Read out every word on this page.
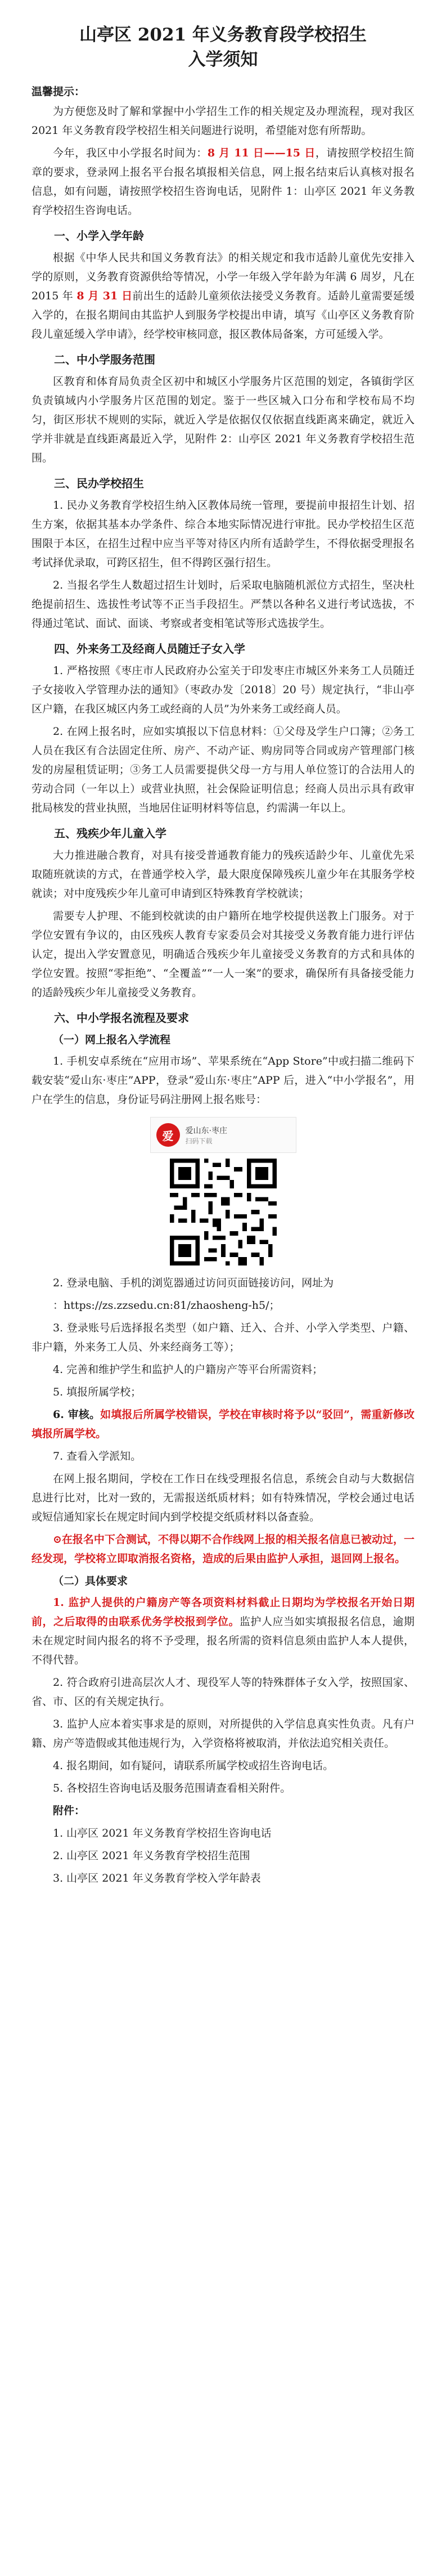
山亭区 2021 年义务教育段学校招生
入学须知
温馨提示：

为方便您及时了解和掌握中小学招生工作的相关规定及办理流程，现对我区 2021 年义务教育段学校招生相关问题进行说明，希望能对您有所帮助。

今年，我区中小学报名时间为：8 月 11 日——15 日，请按照学校招生简章的要求，登录网上报名平台报名填报相关信息，网上报名结束后认真核对报名信息，如有问题，请按照学校招生咨询电话，见附件 1：山亭区 2021 年义务教育学校招生咨询电话。

一、小学入学年龄

根据《中华人民共和国义务教育法》的相关规定和我市适龄儿童优先安排入学的原则，义务教育资源供给等情况，小学一年级入学年龄为年满 6 周岁，凡在 2015 年 8 月 31 日前出生的适龄儿童须依法接受义务教育。适龄儿童需要延缓入学的，在报名期间由其监护人到服务学校提出申请，填写《山亭区义务教育阶段儿童延缓入学申请》，经学校审核同意，报区教体局备案，方可延缓入学。

二、中小学服务范围

区教育和体育局负责全区初中和城区小学服务片区范围的划定，各镇街学区负责镇域内小学服务片区范围的划定。鉴于一些区城入口分布和学校布局不均匀，街区形状不规则的实际，就近入学是依据仅仅依据直线距离来确定，就近入学并非就是直线距离最近入学，见附件 2：山亭区 2021 年义务教育学校招生范围。

三、民办学校招生

1. 民办义务教育学校招生纳入区教体局统一管理，要提前申报招生计划、招生方案，依据其基本办学条件、综合本地实际情况进行审批。民办学校招生区范围限于本区，在招生过程中应当平等对待区内所有适龄学生，不得依据受理报名考试择优录取，可跨区招生，但不得跨区强行招生。

2. 当报名学生人数超过招生计划时，后采取电脑随机派位方式招生，坚决杜绝提前招生、选拔性考试等不正当手段招生。严禁以各种名义进行考试选拔，不得通过笔试、面试、面谈、考察或者变相笔试等形式选拔学生。

四、外来务工及经商人员随迁子女入学

1. 严格按照《枣庄市人民政府办公室关于印发枣庄市城区外来务工人员随迁子女接收入学管理办法的通知》（枣政办发〔2018〕20 号）规定执行，“非山亭区户籍，在我区城区内务工或经商的人员”为外来务工或经商人员。

2. 在网上报名时，应如实填报以下信息材料：①父母及学生户口簿；②务工人员在我区有合法固定住所、房产、不动产证、购房同等合同或房产管理部门核发的房屋租赁证明；③务工人员需要提供父母一方与用人单位签订的合法用人的劳动合同（一年以上）或营业执照，社会保险证明信息；经商人员出示具有政审批局核发的营业执照，当地居住证明材料等信息，约需满一年以上。

五、残疾少年儿童入学

大力推进融合教育，对具有接受普通教育能力的残疾适龄少年、儿童优先采取随班就读的方式，在普通学校入学，最大限度保障残疾儿童少年在其服务学校就读；对中度残疾少年儿童可申请到区特殊教育学校就读；

需要专人护理、不能到校就读的由户籍所在地学校提供送教上门服务。对于学位安置有争议的，由区残疾人教育专家委员会对其接受义务教育能力进行评估认定，提出入学安置意见，明确适合残疾少年儿童接受义务教育的方式和具体的学位安置。按照“零拒绝”、“全覆盖”“一人一案”的要求，确保所有具备接受能力的适龄残疾少年儿童接受义务教育。

六、中小学报名流程及要求
（一）网上报名入学流程

1. 手机安卓系统在“应用市场”、苹果系统在“App Store”中或扫描二维码下载安装“爱山东·枣庄”APP，登录“爱山东·枣庄”APP 后，进入“中小学报名”，用户在学生的信息，身份证号码注册网上报名账号：

爱	爱山东·枣庄
扫码下载

2. 登录电脑、手机的浏览器通过访问页面链接访问，网址为

：https://zs.zzsedu.cn:81/zhaosheng-h5/；

3. 登录账号后选择报名类型（如户籍、迁入、合并、小学入学类型、户籍、非户籍，外来务工人员、外来经商务工等）；

4. 完善和维护学生和监护人的户籍房产等平台所需资料；

5. 填报所属学校；

6. 审核。如填报后所属学校错误，学校在审核时将予以“驳回”，需重新修改填报所属学校。

7. 查看入学派知。

在网上报名期间，学校在工作日在线受理报名信息，系统会自动与大数据信息进行比对，比对一致的，无需报送纸质材料；如有特殊情况，学校会通过电话或短信通知家长在规定时间内到学校提交纸质材料以备查验。

⊙在报名中下合测试，不得以期不合作线网上报的相关报名信息已被动过，一经发现，学校将立即取消报名资格，造成的后果由监护人承担，退回网上报名。

（二）具体要求

1. 监护人提供的户籍房产等各项资料材料截止日期均为学校报名开始日期前，之后取得的由联系优务学校报到学位。监护人应当如实填报报名信息，逾期未在规定时间内报名的将不予受理，报名所需的资料信息须由监护人本人提供，不得代替。

2. 符合政府引进高层次人才、现役军人等的特殊群体子女入学，按照国家、省、市、区的有关规定执行。

3. 监护人应本着实事求是的原则，对所提供的入学信息真实性负责。凡有户籍、房产等造假或其他违规行为，入学资格将被取消，并依法追究相关责任。

4. 报名期间，如有疑问，请联系所属学校或招生咨询电话。

5. 各校招生咨询电话及服务范围请查看相关附件。

附件：

1. 山亭区 2021 年义务教育学校招生咨询电话

2. 山亭区 2021 年义务教育学校招生范围

3. 山亭区 2021 年义务教育学校入学年龄表
